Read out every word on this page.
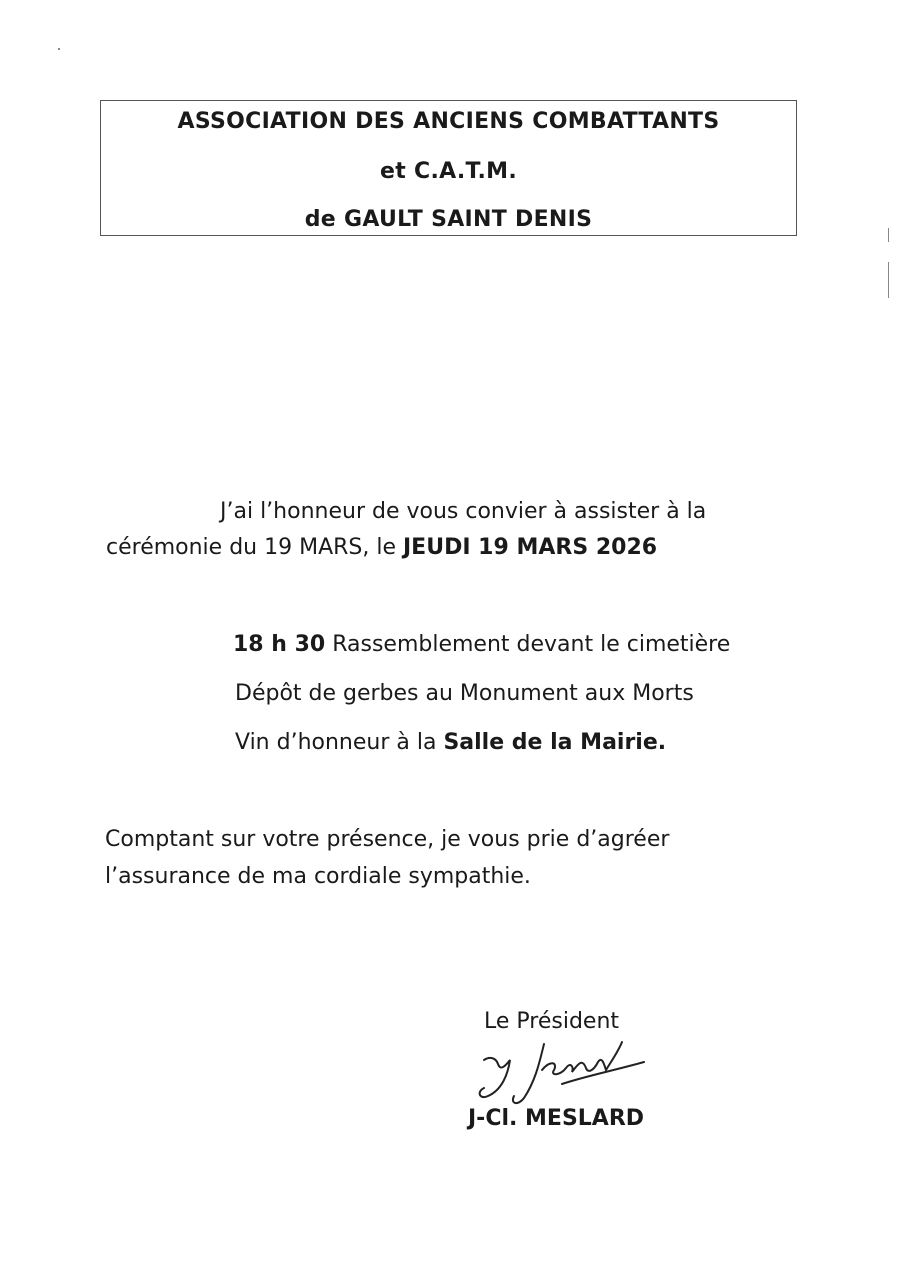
ASSOCIATION DES ANCIENS COMBATTANTS
et C.A.T.M.
de GAULT SAINT DENIS
J’ai l’honneur de vous convier à assister à la
cérémonie du 19 MARS, le JEUDI 19 MARS 2026
18 h 30 Rassemblement devant le cimetière
Dépôt de gerbes au Monument aux Morts
Vin d’honneur à la Salle de la Mairie.
Comptant sur votre présence, je vous prie d’agréer
l’assurance de ma cordiale sympathie.
Le Président
J-Cl. MESLARD
